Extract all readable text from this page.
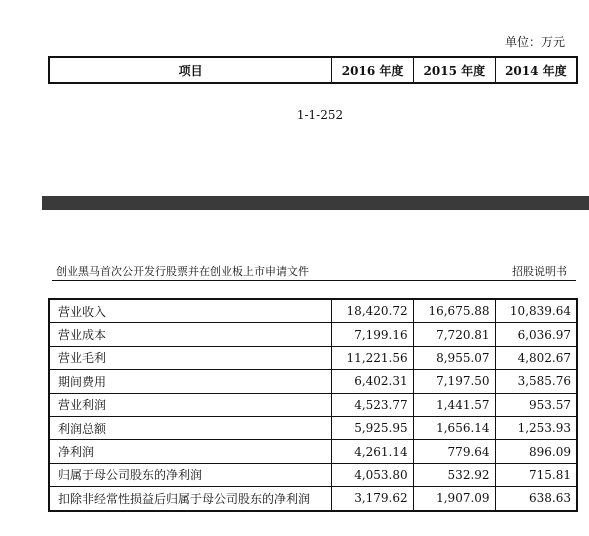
单位：万元
项目	2016 年度	2015 年度	2014 年度
1-1-252
创业黑马首次公开发行股票并在创业板上市申请文件	招股说明书
营业收入	18,420.72	16,675.88	10,839.64
营业成本	7,199.16	7,720.81	6,036.97
营业毛利	11,221.56	8,955.07	4,802.67
期间费用	6,402.31	7,197.50	3,585.76
营业利润	4,523.77	1,441.57	953.57
利润总额	5,925.95	1,656.14	1,253.93
净利润	4,261.14	779.64	896.09
归属于母公司股东的净利润	4,053.80	532.92	715.81
扣除非经常性损益后归属于母公司股东的净利润	3,179.62	1,907.09	638.63
